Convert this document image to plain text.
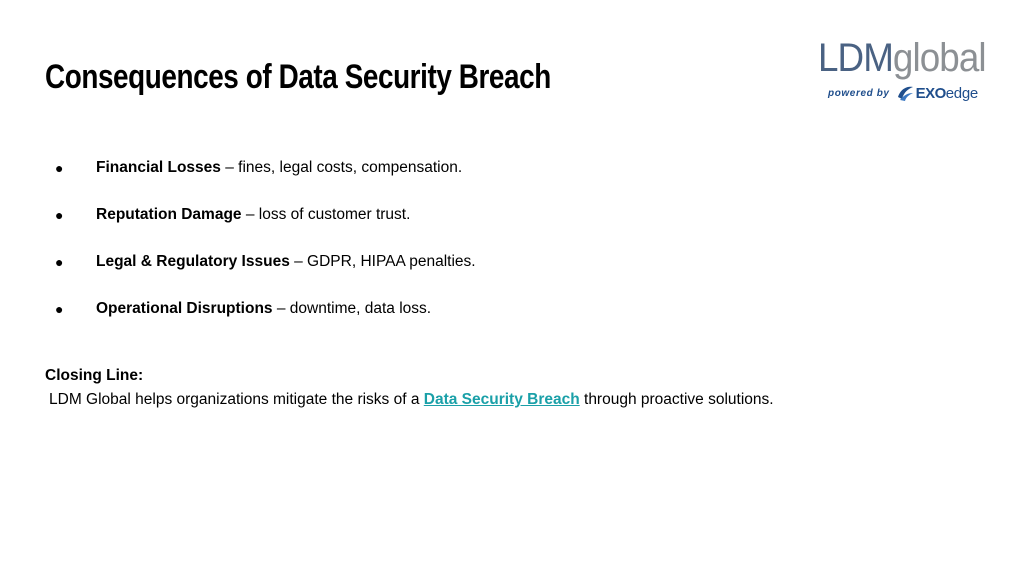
Consequences of Data Security Breach	LDMglobal
powered by EXO edge
●	Financial Losses – fines, legal costs, compensation.
●	Reputation Damage – loss of customer trust.
●	Legal & Regulatory Issues – GDPR, HIPAA penalties.
●	Operational Disruptions – downtime, data loss.
Closing Line:
LDM Global helps organizations mitigate the risks of a Data Security Breach through proactive solutions.
